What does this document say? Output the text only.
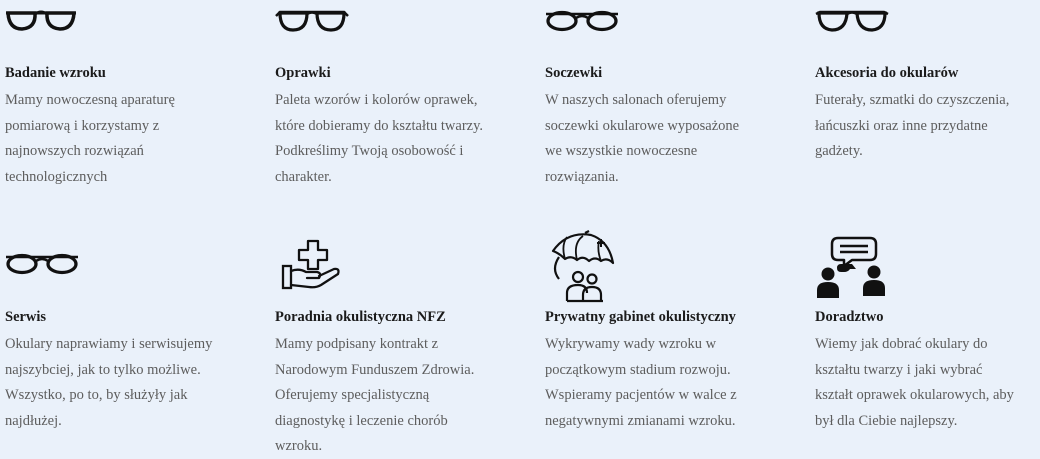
Badanie wzroku
Mamy nowoczesną aparaturę
pomiarową i korzystamy z
najnowszych rozwiązań
technologicznych
Oprawki
Paleta wzorów i kolorów oprawek,
które dobieramy do kształtu twarzy.
Podkreślimy Twoją osobowość i
charakter.
Soczewki
W naszych salonach oferujemy
soczewki okularowe wyposażone
we wszystkie nowoczesne
rozwiązania.
Akcesoria do okularów
Futerały, szmatki do czyszczenia,
łańcuszki oraz inne przydatne
gadżety.
Serwis
Okulary naprawiamy i serwisujemy
najszybciej, jak to tylko możliwe.
Wszystko, po to, by służyły jak
najdłużej.
Poradnia okulistyczna NFZ
Mamy podpisany kontrakt z
Narodowym Funduszem Zdrowia.
Oferujemy specjalistyczną
diagnostykę i leczenie chorób
wzroku.
Prywatny gabinet okulistyczny
Wykrywamy wady wzroku w
początkowym stadium rozwoju.
Wspieramy pacjentów w walce z
negatywnymi zmianami wzroku.
Doradztwo
Wiemy jak dobrać okulary do
kształtu twarzy i jaki wybrać
kształt oprawek okularowych, aby
był dla Ciebie najlepszy.
